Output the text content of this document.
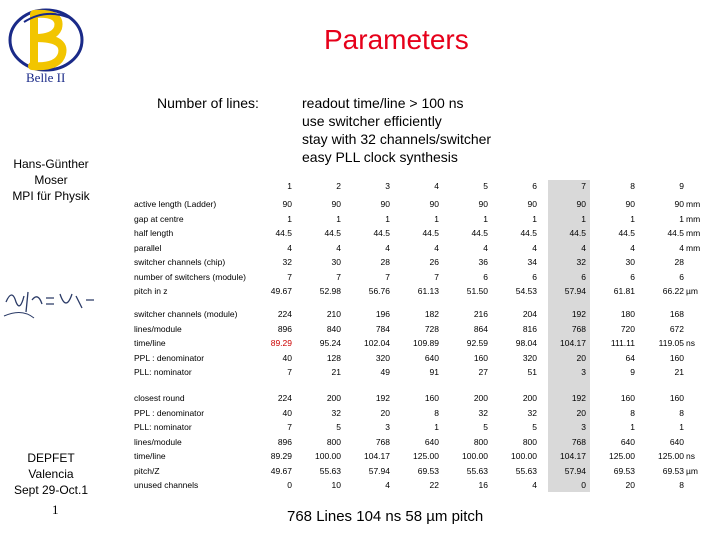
Belle II
Hans-Günther
Moser
MPI für Physik
DEPFET
Valencia
Sept 29-Oct.1
1
Parameters
Number of lines:	readout time/line > 100 ns
use switcher efficiently
stay with 32 channels/switcher
easy PLL clock synthesis
1	2	3	4	5	6	7	8	9
active length (Ladder)	90	90	90	90	90	90	90	90	90 mm
gap at centre	1	1	1	1	1	1	1	1	1 mm
half length	44.5	44.5	44.5	44.5	44.5	44.5	44.5	44.5	44.5 mm
parallel	4	4	4	4	4	4	4	4	4 mm
switcher channels (chip)	32	30	28	26	36	34	32	30	28
number of switchers (module)	7	7	7	7	6	6	6	6	6
pitch in z	49.67	52.98	56.76	61.13	51.50	54.53	57.94	61.81	66.22 µm
switcher channels (module)	224	210	196	182	216	204	192	180	168
lines/module	896	840	784	728	864	816	768	720	672
time/line	89.29	95.24	102.04	109.89	92.59	98.04	104.17	111.11	119.05 ns
PPL : denominator	40	128	320	640	160	320	20	64	160
PLL: nominator	7	21	49	91	27	51	3	9	21
closest round	224	200	192	160	200	200	192	160	160
PPL : denominator	40	32	20	8	32	32	20	8	8
PLL: nominator	7	5	3	1	5	5	3	1	1
lines/module	896	800	768	640	800	800	768	640	640
time/line	89.29	100.00	104.17	125.00	100.00	100.00	104.17	125.00	125.00 ns
pitch/Z	49.67	55.63	57.94	69.53	55.63	55.63	57.94	69.53	69.53 µm
unused channels	0	10	4	22	16	4	0	20	8
768 Lines 104 ns 58 µm pitch
